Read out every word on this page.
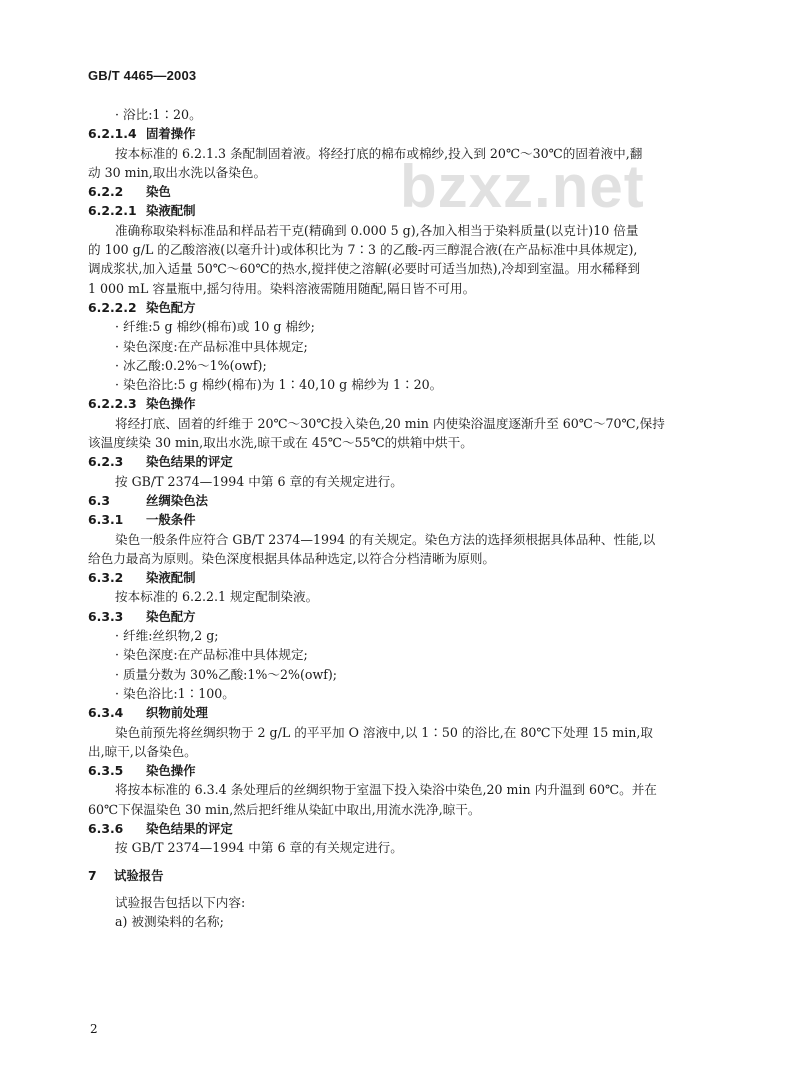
GB/T 4465—2003
bzxz.net
· 浴比:1∶20。
6.2.1.4 固着操作
按本标准的 6.2.1.3 条配制固着液。将经打底的棉布或棉纱,投入到 20℃～30℃的固着液中,翻
动 30 min,取出水洗以备染色。
6.2.2 染色
6.2.2.1 染液配制
准确称取染料标准品和样品若干克(精确到 0.000 5 g),各加入相当于染料质量(以克计)10 倍量
的 100 g/L 的乙酸溶液(以毫升计)或体积比为 7∶3 的乙酸-丙三醇混合液(在产品标准中具体规定),
调成浆状,加入适量 50℃～60℃的热水,搅拌使之溶解(必要时可适当加热),冷却到室温。用水稀释到
1 000 mL 容量瓶中,摇匀待用。染料溶液需随用随配,隔日皆不可用。
6.2.2.2 染色配方
· 纤维:5 g 棉纱(棉布)或 10 g 棉纱;
· 染色深度:在产品标准中具体规定;
· 冰乙酸:0.2%～1%(owf);
· 染色浴比:5 g 棉纱(棉布)为 1∶40,10 g 棉纱为 1∶20。
6.2.2.3 染色操作
将经打底、固着的纤维于 20℃～30℃投入染色,20 min 内使染浴温度逐渐升至 60℃～70℃,保持
该温度续染 30 min,取出水洗,晾干或在 45℃～55℃的烘箱中烘干。
6.2.3 染色结果的评定
按 GB/T 2374—1994 中第 6 章的有关规定进行。
6.3	丝绸染色法
6.3.1 一般条件
染色一般条件应符合 GB/T 2374—1994 的有关规定。染色方法的选择须根据具体品种、性能,以
给色力最高为原则。染色深度根据具体品种选定,以符合分档清晰为原则。
6.3.2 染液配制
按本标准的 6.2.2.1 规定配制染液。
6.3.3 染色配方
· 纤维:丝织物,2 g;
· 染色深度:在产品标准中具体规定;
· 质量分数为 30%乙酸:1%～2%(owf);
· 染色浴比:1∶100。
6.3.4 织物前处理
染色前预先将丝绸织物于 2 g/L 的平平加 O 溶液中,以 1∶50 的浴比,在 80℃下处理 15 min,取
出,晾干,以备染色。
6.3.5 染色操作
将按本标准的 6.3.4 条处理后的丝绸织物于室温下投入染浴中染色,20 min 内升温到 60℃。并在
60℃下保温染色 30 min,然后把纤维从染缸中取出,用流水洗净,晾干。
6.3.6 染色结果的评定
按 GB/T 2374—1994 中第 6 章的有关规定进行。
7 试验报告
试验报告包括以下内容:
a) 被测染料的名称;
2
